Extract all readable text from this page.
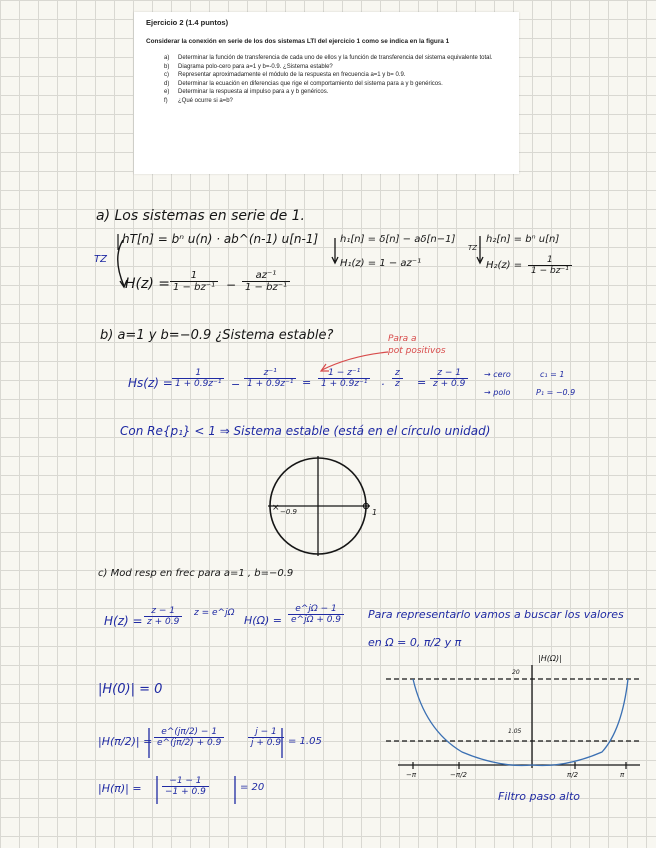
Ejercicio 2 (1.4 puntos)

Considerar la conexión en serie de los dos sistemas LTI del ejercicio 1 como se indica en la figura 1

a)	Determinar la función de transferencia de cada uno de ellos y la función de transferencia del sistema equivalente total.
b)	Diagrama polo-cero para a=1 y b=-0.9. ¿Sistema estable?
c)	Representar aproximadamente el módulo de la respuesta en frecuencia a=1 y b= 0.9.
d)	Determinar la ecuación en diferencias que rige el comportamiento del sistema para a y b genéricos.
e)	Determinar la respuesta al impulso para a y b genéricos.
f)	¿Qué ocurre si a=b?
×
a) Los sistemas en serie de 1.
hT[n] = bⁿ u(n) · ab^(n-1) u[n-1]
TZ
$H(z) = \frac{1}{\text{1 − bz⁻¹}} - \frac{\text{az⁻¹}}{\text{1 − bz⁻¹}}$
h₁[n] = δ[n] − aδ[n−1]
H₁(z) = 1 − az⁻¹
TZ
h₂[n] = bⁿ u[n]
$H_2(z) = \frac{1}{\text{1 − bz⁻¹}}$
b) a=1 y b=−0.9 ¿Sistema estable?	Para a
pot positivos
$Hs(z) = \frac{1}{\text{1 + 0.9z⁻¹}} - \frac{\text{z⁻¹}}{\text{1 + 0.9z⁻¹}} = \frac{\text{1 − z⁻¹}}{\text{1 + 0.9z⁻¹}} \cdot \frac{z}{z} = \frac{z - 1}{z + 0.9}$ → cero
→ polo
c₁ = 1
P₁ = −0.9
Con Re{p₁} < 1 ⇒ Sistema estable (está en el círculo unidad)
−0.9	1
c) Mod resp en frec para a=1 , b=−0.9
$H(z) = \frac{z - 1}{z + 0.9}$ z = e^jΩ
$H(\Omega) = \frac{e\^{}j\Omega - 1}{e\^{}j\Omega + 0.9}$ Para representarlo vamos a buscar los valores
en Ω = 0, π/2 y π
|H(0)| = 0
$|H(\pi/2)| = \frac{e\^{}(j\pi/2) - 1}{e\^{}(j\pi/2) + 0.9}$	$\frac{j - 1}{j + 0.9} = 1.05$
$|H(\pi)| = \frac{-1 - 1}{-1 + 0.9}$	= 20
|H(Ω)|
20
1.05
−π	−π/2	π/2	π
Filtro paso alto
